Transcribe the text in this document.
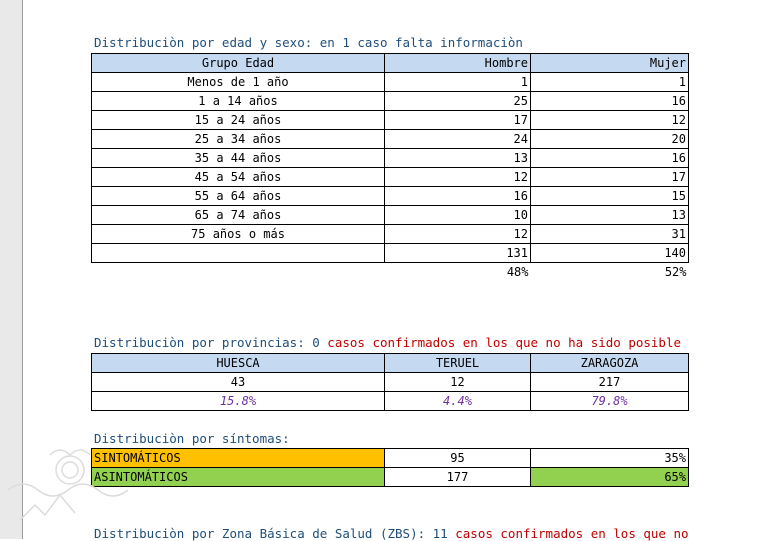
Distribuciòn por edad y sexo: en 1 caso falta informaciòn
Grupo Edad	Hombre	Mujer
Menos de 1 año	1	1
1 a 14 años	25	16
15 a 24 años	17	12
25 a 34 años	24	20
35 a 44 años	13	16
45 a 54 años	12	17
55 a 64 años	16	15
65 a 74 años	10	13
75 años o más	12	31
	131	140
	48%	52%
Distribuciòn por provincias: 0 casos confirmados en los que no ha sido posible
HUESCA	TERUEL	ZARAGOZA
43	12	217
15.8%	4.4%	79.8%
Distribuciòn por síntomas:
SINTOMÁTICOS	95	35%
ASINTOMÁTICOS	177	65%
Distribuciòn por Zona Básica de Salud (ZBS): 11 casos confirmados en los que no
